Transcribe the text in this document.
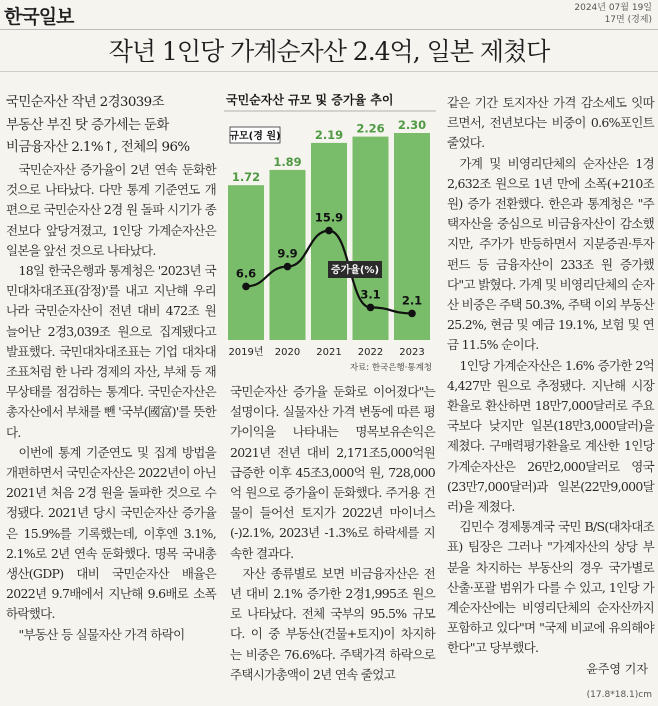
한국일보	2024년 07월 19일
17면 (경제)
작년 1인당 가계순자산 2.4억, 일본 제쳤다
국민순자산 작년 2경3039조
부동산 부진 탓 증가세는 둔화
비금융자산 2.1%↑, 전체의 96%

국민순자산 증가율이 2년 연속 둔화한 것으로 나타났다. 다만 통계 기준연도 개편으로 국민순자산 2경 원 돌파 시기가 종전보다 앞당겨졌고, 1인당 가계순자산은 일본을 앞선 것으로 나타났다.

18일 한국은행과 통계청은 '2023년 국민대차대조표(잠정)'를 내고 지난해 우리나라 국민순자산이 전년 대비 472조 원 늘어난 2경3,039조 원으로 집계됐다고 발표했다. 국민대차대조표는 기업 대차대조표처럼 한 나라 경제의 자산, 부채 등 재무상태를 점검하는 통계다. 국민순자산은 총자산에서 부채를 뺀 '국부(國富)'를 뜻한다.

이번에 통계 기준연도 및 집계 방법을 개편하면서 국민순자산은 2022년이 아닌 2021년 처음 2경 원을 돌파한 것으로 수정됐다. 2021년 당시 국민순자산 증가율은 15.9%를 기록했는데, 이후엔 3.1%, 2.1%로 2년 연속 둔화했다. 명목 국내총생산(GDP) 대비 국민순자산 배율은 2022년 9.7배에서 지난해 9.6배로 소폭 하락했다.

"부동산 등 실물자산 가격 하락이

국민순자산 규모 및 증가율 추이
1.72
2019년
1.89
2020
2.19
2021
2.26
2022
2.30
2023
규모(경 원)
6.6
9.9
15.9
3.1 2.1
증가율(%)
자료: 한국은행·통계청

국민순자산 증가율 둔화로 이어졌다"는 설명이다. 실물자산 가격 변동에 따른 평가이익을 나타내는 명목보유손익은 2021년 전년 대비 2,171조5,000억원 급증한 이후 45조3,000억 원, 728,000억 원으로 증가율이 둔화했다. 주거용 건물이 들어선 토지가 2022년 마이너스(-)2.1%, 2023년 -1.3%로 하락세를 지속한 결과다.

자산 종류별로 보면 비금융자산은 전년 대비 2.1% 증가한 2경1,995조 원으로 나타났다. 전체 국부의 95.5% 규모다. 이 중 부동산(건물+토지)이 차지하는 비중은 76.6%다. 주택가격 하락으로 주택시가총액이 2년 연속 줄었고

같은 기간 토지자산 가격 감소세도 잇따르면서, 전년보다는 비중이 0.6%포인트 줄었다.

가계 및 비영리단체의 순자산은 1경2,632조 원으로 1년 만에 소폭(+210조 원) 증가 전환했다. 한은과 통계청은 "주택자산을 중심으로 비금융자산이 감소했지만, 주가가 반등하면서 지분증권·투자펀드 등 금융자산이 233조 원 증가했다"고 밝혔다. 가계 및 비영리단체의 순자산 비중은 주택 50.3%, 주택 이외 부동산 25.2%, 현금 및 예금 19.1%, 보험 및 연금 11.5% 순이다.

1인당 가계순자산은 1.6% 증가한 2억4,427만 원으로 추정됐다. 지난해 시장환율로 환산하면 18만7,000달러로 주요국보다 낮지만 일본(18만3,000달러)을 제쳤다. 구매력평가환율로 계산한 1인당 가계순자산은 26만2,000달러로 영국(23만7,000달러)과 일본(22만9,000달러)을 제쳤다.

김민수 경제통계국 국민 B/S(대차대조표) 팀장은 그러나 "가계자산의 상당 부분을 차지하는 부동산의 경우 국가별로 산출·포괄 범위가 다를 수 있고, 1인당 가계순자산에는 비영리단체의 순자산까지 포함하고 있다"며 "국제 비교에 유의해야 한다"고 당부했다.

윤주영 기자
(17.8*18.1)cm
